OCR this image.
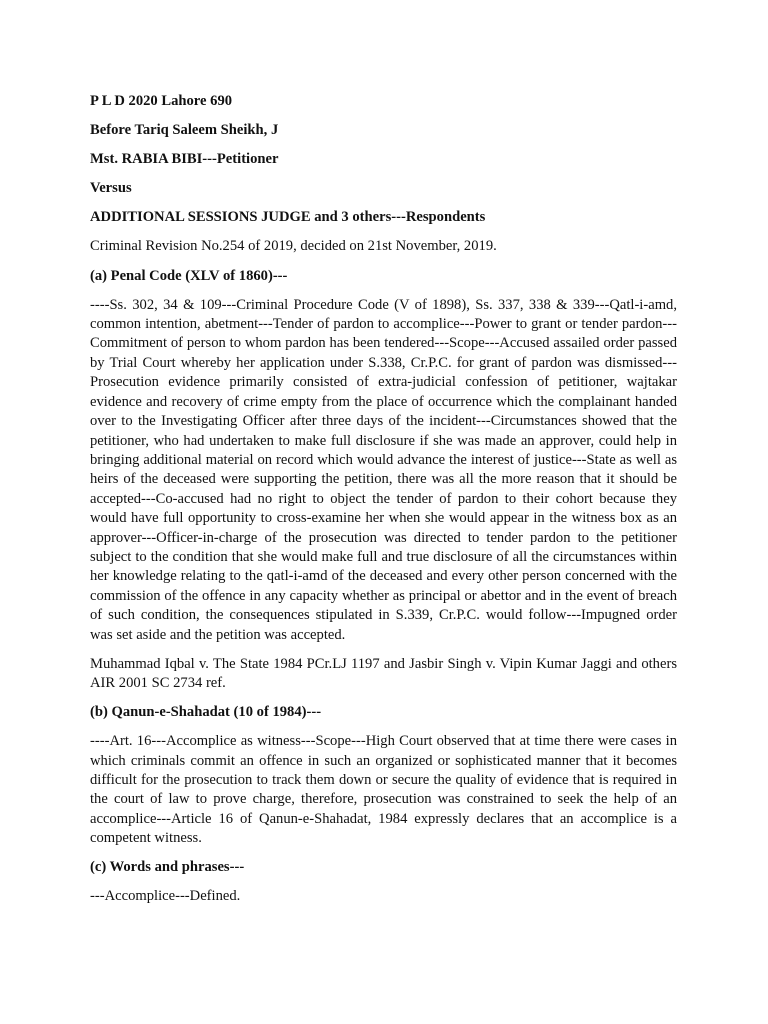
P L D 2020 Lahore 690

Before Tariq Saleem Sheikh, J

Mst. RABIA BIBI---Petitioner

Versus

ADDITIONAL SESSIONS JUDGE and 3 others---Respondents

Criminal Revision No.254 of 2019, decided on 21st November, 2019.

(a) Penal Code (XLV of 1860)---

----Ss. 302, 34 & 109---Criminal Procedure Code (V of 1898), Ss. 337, 338 & 339---Qatl-i-amd, common intention, abetment---Tender of pardon to accomplice---Power to grant or tender pardon---Commitment of person to whom pardon has been tendered---Scope---Accused assailed order passed by Trial Court whereby her application under S.338, Cr.P.C. for grant of pardon was dismissed---Prosecution evidence primarily consisted of extra-judicial confession of petitioner, wajtakar evidence and recovery of crime empty from the place of occurrence which the complainant handed over to the Investigating Officer after three days of the incident---Circumstances showed that the petitioner, who had undertaken to make full disclosure if she was made an approver, could help in bringing additional material on record which would advance the interest of justice---State as well as heirs of the deceased were supporting the petition, there was all the more reason that it should be accepted---Co-accused had no right to object the tender of pardon to their cohort because they would have full opportunity to cross-examine her when she would appear in the witness box as an approver---Officer-in-charge of the prosecution was directed to tender pardon to the petitioner subject to the condition that she would make full and true disclosure of all the circumstances within her knowledge relating to the qatl-i-amd of the deceased and every other person concerned with the commission of the offence in any capacity whether as principal or abettor and in the event of breach of such condition, the consequences stipulated in S.339, Cr.P.C. would follow---Impugned order was set aside and the petition was accepted.

Muhammad Iqbal v. The State 1984 PCr.LJ 1197 and Jasbir Singh v. Vipin Kumar Jaggi and others AIR 2001 SC 2734 ref.

(b) Qanun-e-Shahadat (10 of 1984)---

----Art. 16---Accomplice as witness---Scope---High Court observed that at time there were cases in which criminals commit an offence in such an organized or sophisticated manner that it becomes difficult for the prosecution to track them down or secure the quality of evidence that is required in the court of law to prove charge, therefore, prosecution was constrained to seek the help of an accomplice---Article 16 of Qanun-e-Shahadat, 1984 expressly declares that an accomplice is a competent witness.

(c) Words and phrases---

---Accomplice---Defined.
